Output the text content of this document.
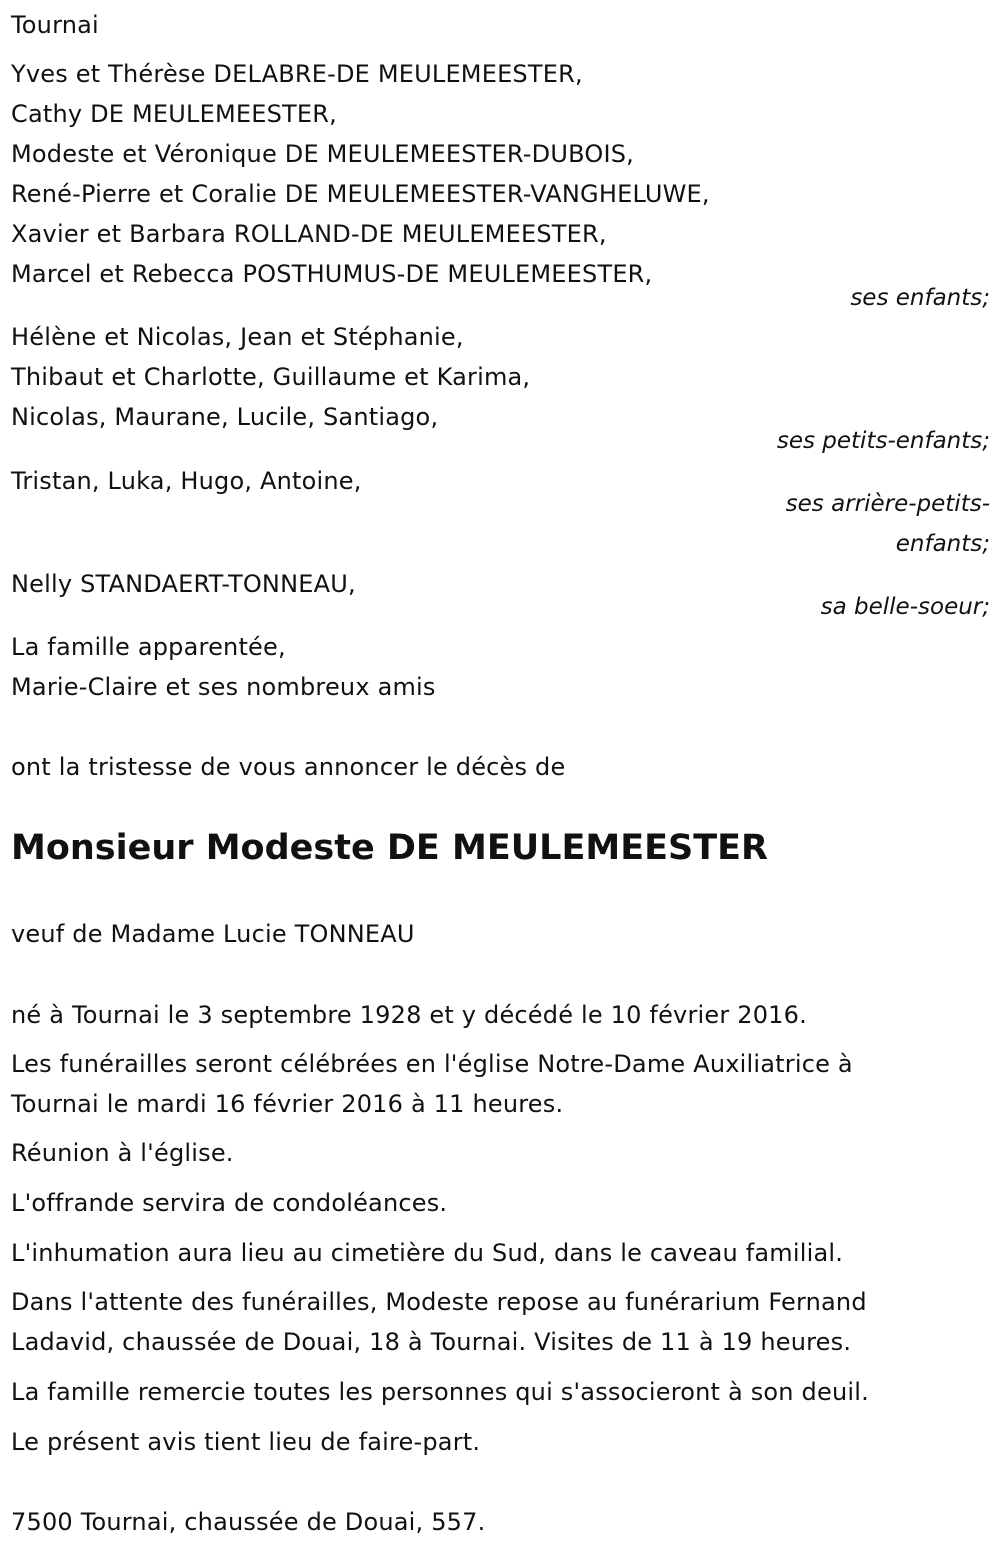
Tournai
Yves et Thérèse DELABRE-DE MEULEMEESTER,
Cathy DE MEULEMEESTER,
Modeste et Véronique DE MEULEMEESTER-DUBOIS,
René-Pierre et Coralie DE MEULEMEESTER-VANGHELUWE,
Xavier et Barbara ROLLAND-DE MEULEMEESTER,
Marcel et Rebecca POSTHUMUS-DE MEULEMEESTER,
ses enfants;
Hélène et Nicolas, Jean et Stéphanie,
Thibaut et Charlotte, Guillaume et Karima,
Nicolas, Maurane, Lucile, Santiago,
ses petits-enfants;
Tristan, Luka, Hugo, Antoine,
ses arrière-petits-
enfants;
Nelly STANDAERT-TONNEAU,
sa belle-soeur;
La famille apparentée,
Marie-Claire et ses nombreux amis
ont la tristesse de vous annoncer le décès de
Monsieur Modeste DE MEULEMEESTER
veuf de Madame Lucie TONNEAU
né à Tournai le 3 septembre 1928 et y décédé le 10 février 2016.
Les funérailles seront célébrées en l'église Notre-Dame Auxiliatrice à
Tournai le mardi 16 février 2016 à 11 heures.
Réunion à l'église.
L'offrande servira de condoléances.
L'inhumation aura lieu au cimetière du Sud, dans le caveau familial.
Dans l'attente des funérailles, Modeste repose au funérarium Fernand
Ladavid, chaussée de Douai, 18 à Tournai. Visites de 11 à 19 heures.
La famille remercie toutes les personnes qui s'associeront à son deuil.
Le présent avis tient lieu de faire-part.
7500 Tournai, chaussée de Douai, 557.
